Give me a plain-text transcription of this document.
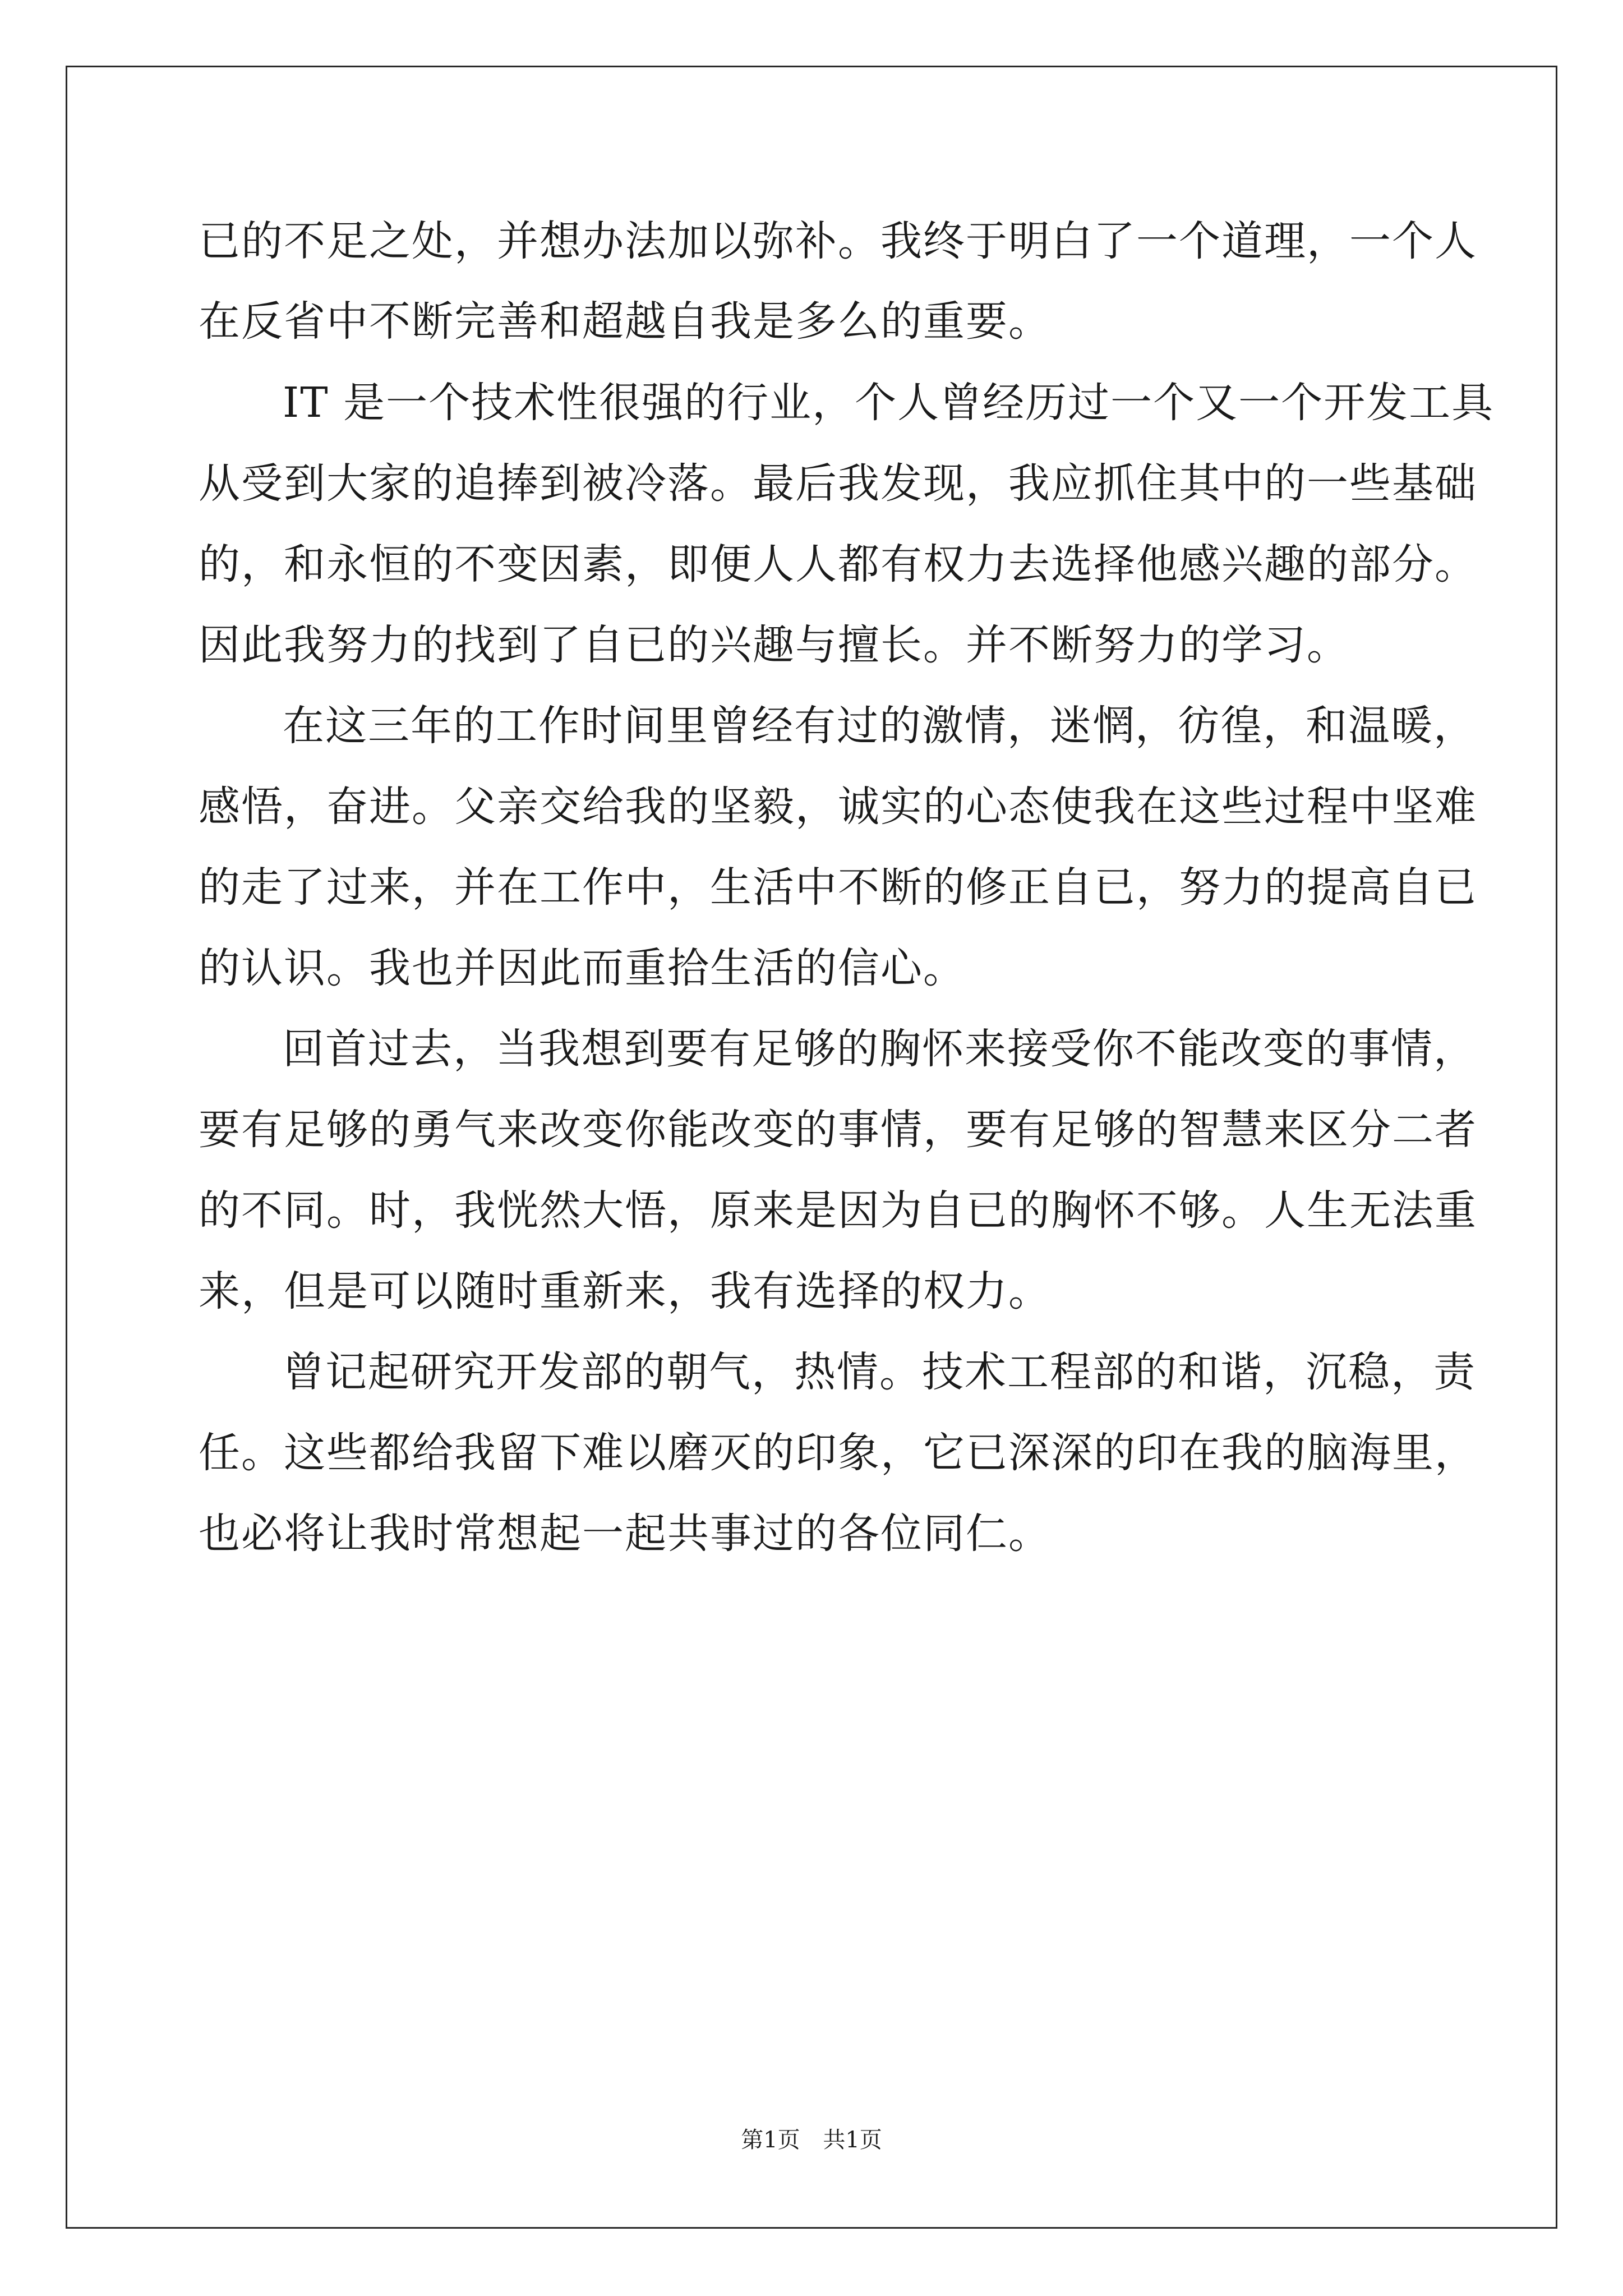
已的不足之处，并想办法加以弥补。我终于明白了一个道理，一个人
在反省中不断完善和超越自我是多么的重要。
IT 是一个技术性很强的行业，个人曾经历过一个又一个开发工具
从受到大家的追捧到被冷落。最后我发现，我应抓住其中的一些基础
的，和永恒的不变因素，即便人人都有权力去选择他感兴趣的部分。
因此我努力的找到了自已的兴趣与擅长。并不断努力的学习。
在这三年的工作时间里曾经有过的激情，迷惘，彷徨，和温暖，
感悟，奋进。父亲交给我的坚毅，诚实的心态使我在这些过程中坚难
的走了过来，并在工作中，生活中不断的修正自已，努力的提高自已
的认识。我也并因此而重拾生活的信心。
回首过去，当我想到要有足够的胸怀来接受你不能改变的事情，
要有足够的勇气来改变你能改变的事情，要有足够的智慧来区分二者
的不同。时，我恍然大悟，原来是因为自已的胸怀不够。人生无法重
来，但是可以随时重新来，我有选择的权力。
曾记起研究开发部的朝气，热情。技术工程部的和谐，沉稳，责
任。这些都给我留下难以磨灭的印象，它已深深的印在我的脑海里，
也必将让我时常想起一起共事过的各位同仁。
第1页 共1页
